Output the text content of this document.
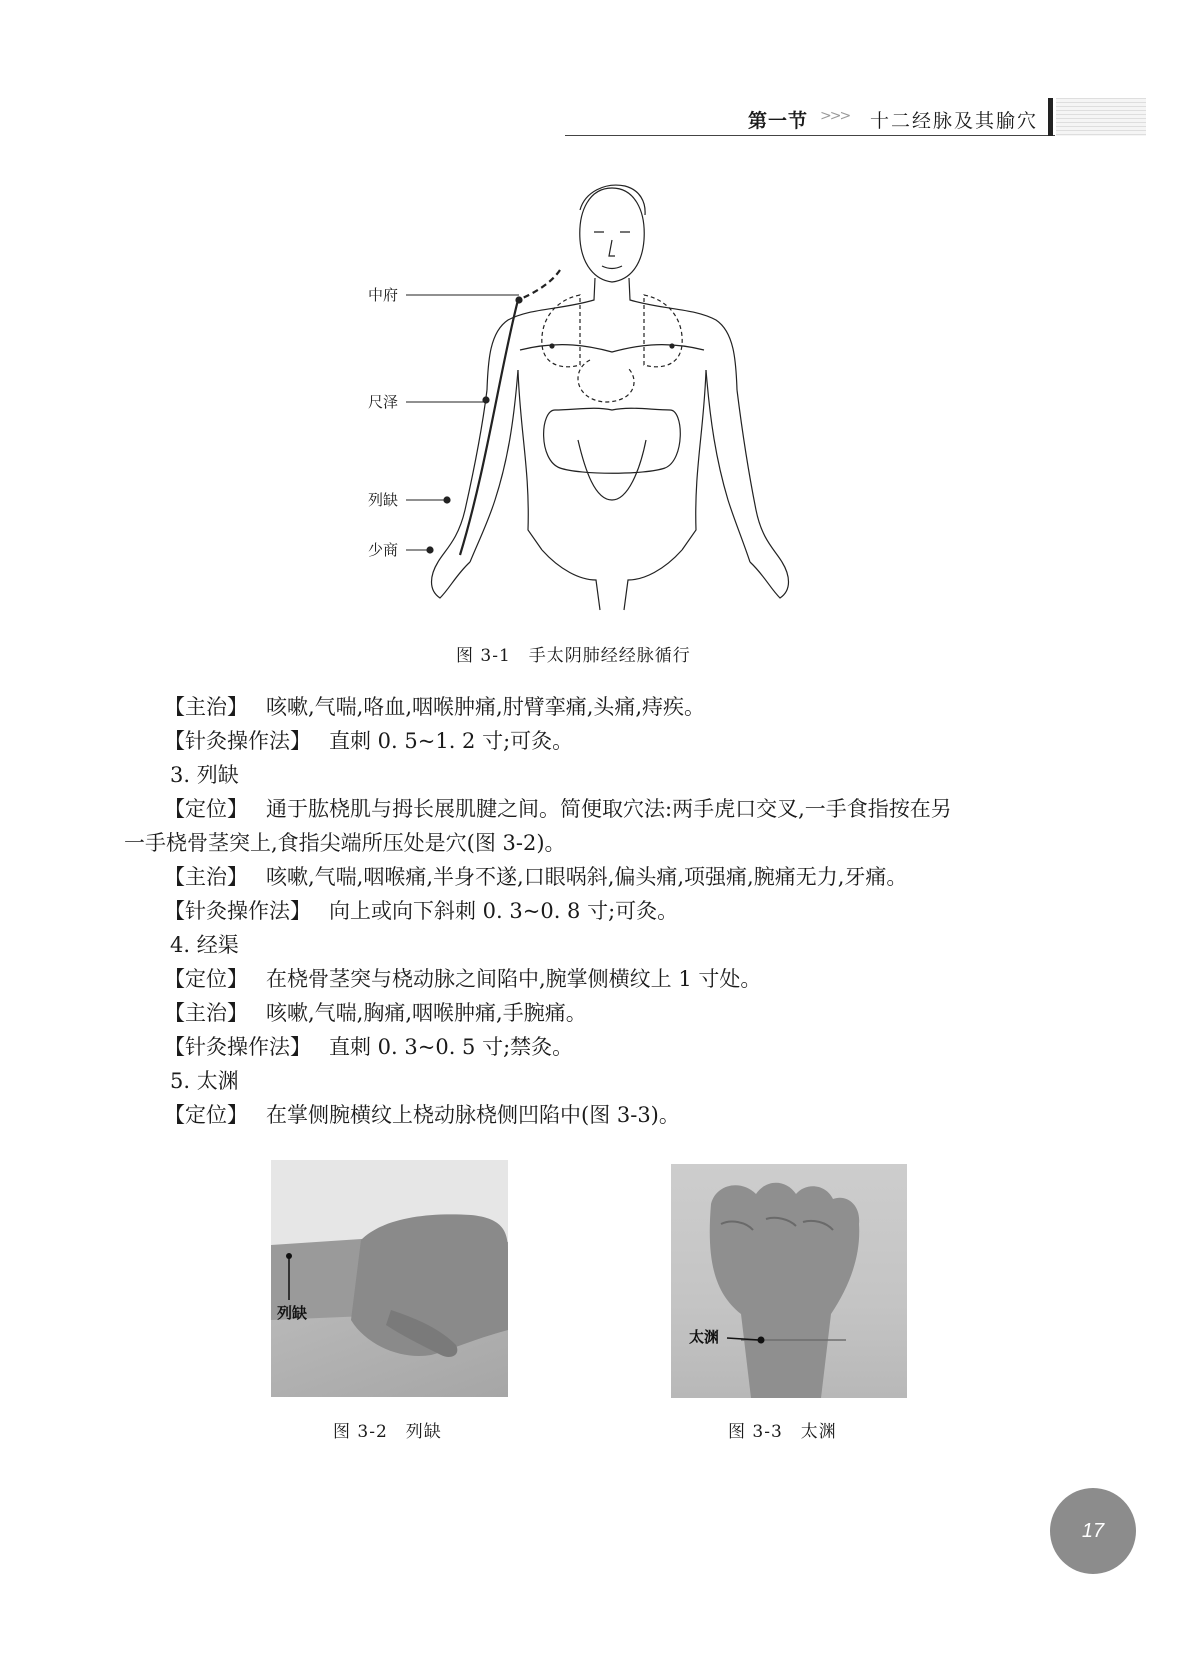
第一节 >>> 十二经脉及其腧穴
中府
尺泽
列缺
少商
图 3-1　手太阴肺经经脉循行
【主治】 咳嗽,气喘,咯血,咽喉肿痛,肘臂挛痛,头痛,痔疾。
【针灸操作法】 直刺 0. 5~1. 2 寸;可灸。
3. 列缺
【定位】 通于肱桡肌与拇长展肌腱之间。简便取穴法:两手虎口交叉,一手食指按在另
一手桡骨茎突上,食指尖端所压处是穴(图 3-2)。
【主治】 咳嗽,气喘,咽喉痛,半身不遂,口眼㖞斜,偏头痛,项强痛,腕痛无力,牙痛。
【针灸操作法】 向上或向下斜刺 0. 3~0. 8 寸;可灸。
4. 经渠
【定位】 在桡骨茎突与桡动脉之间陷中,腕掌侧横纹上 1 寸处。
【主治】 咳嗽,气喘,胸痛,咽喉肿痛,手腕痛。
【针灸操作法】 直刺 0. 3~0. 5 寸;禁灸。
5. 太渊
【定位】 在掌侧腕横纹上桡动脉桡侧凹陷中(图 3-3)。
列缺
图 3-2　列缺
太渊
图 3-3　太渊
17
